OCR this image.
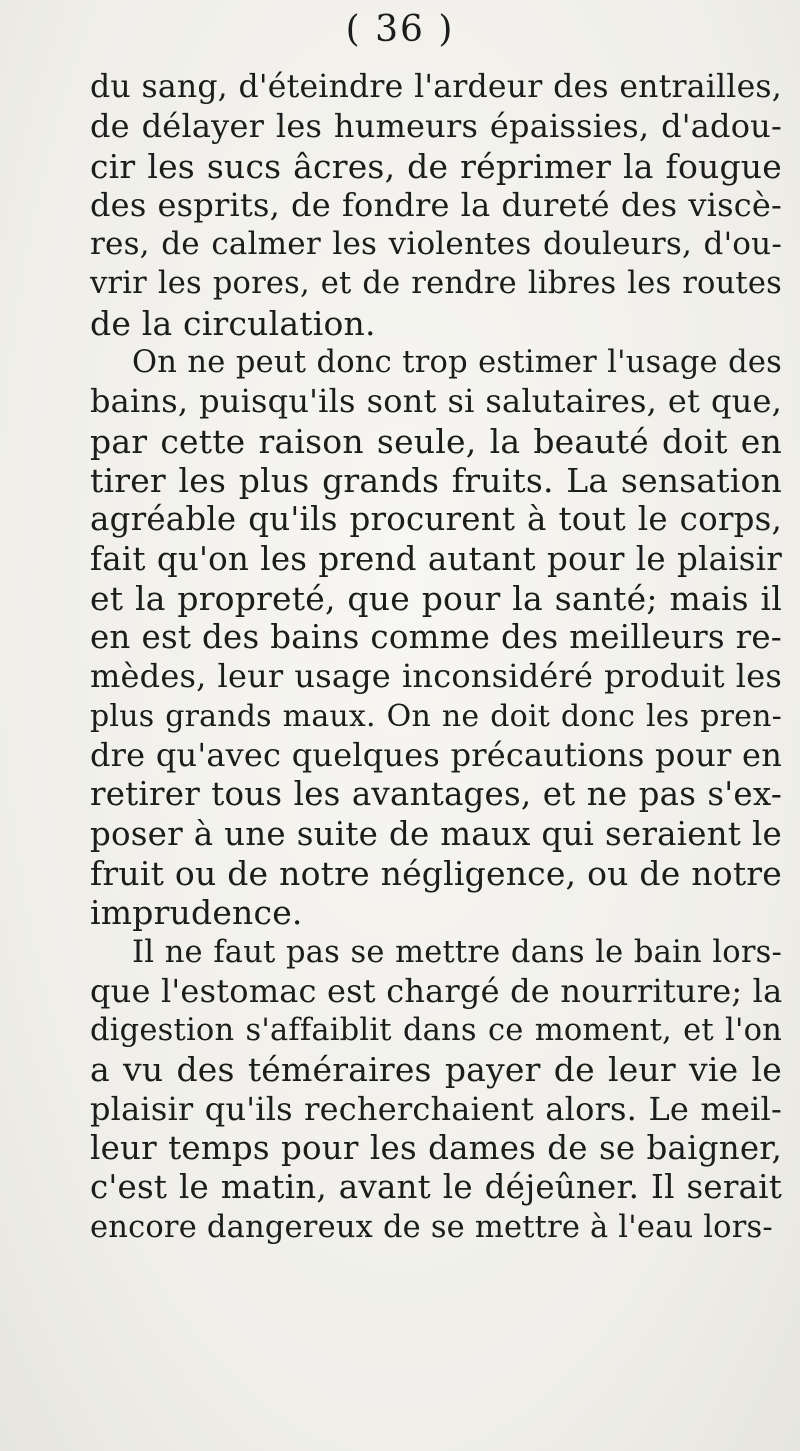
( 36 )
du sang, d'éteindre l'ardeur des entrailles,
de délayer les humeurs épaissies, d'adou-
cir les sucs âcres, de réprimer la fougue
des esprits, de fondre la dureté des viscè-
res, de calmer les violentes douleurs, d'ou-
vrir les pores, et de rendre libres les routes
de la circulation.
On ne peut donc trop estimer l'usage des
bains, puisqu'ils sont si salutaires, et que,
par cette raison seule, la beauté doit en
tirer les plus grands fruits. La sensation
agréable qu'ils procurent à tout le corps,
fait qu'on les prend autant pour le plaisir
et la propreté, que pour la santé; mais il
en est des bains comme des meilleurs re-
mèdes, leur usage inconsidéré produit les
plus grands maux. On ne doit donc les pren-
dre qu'avec quelques précautions pour en
retirer tous les avantages, et ne pas s'ex-
poser à une suite de maux qui seraient le
fruit ou de notre négligence, ou de notre
imprudence.
Il ne faut pas se mettre dans le bain lors-
que l'estomac est chargé de nourriture; la
digestion s'affaiblit dans ce moment, et l'on
a vu des téméraires payer de leur vie le
plaisir qu'ils recherchaient alors. Le meil-
leur temps pour les dames de se baigner,
c'est le matin, avant le déjeûner. Il serait
encore dangereux de se mettre à l'eau lors-
